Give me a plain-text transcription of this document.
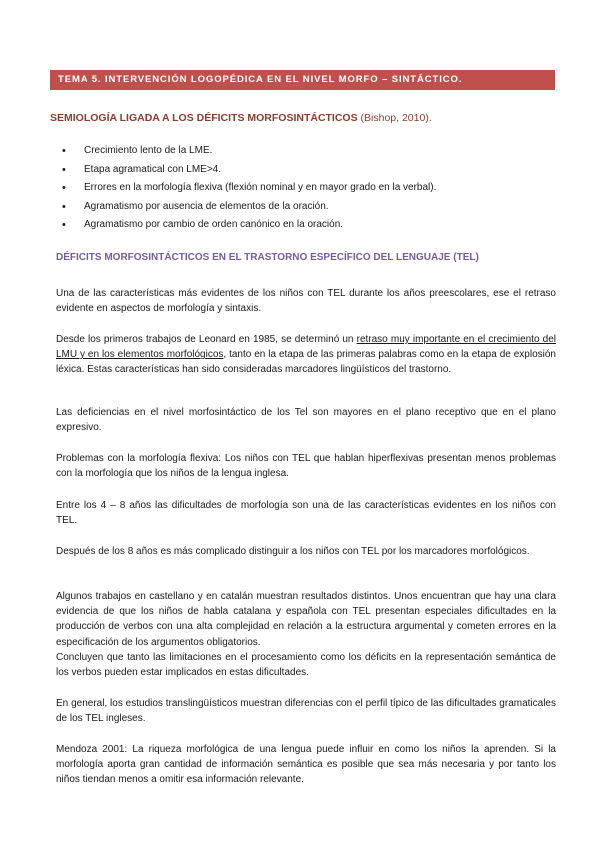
TEMA 5. INTERVENCIÓN LOGOPÉDICA EN EL NIVEL MORFO – SINTÁCTICO.
SEMIOLOGÍA LIGADA A LOS DÉFICITS MORFOSINTÁCTICOS (Bishop, 2010).
• Crecimiento lento de la LME.
• Etapa agramatical con LME>4.
• Errores en la morfología flexiva (flexión nominal y en mayor grado en la verbal).
• Agramatismo por ausencia de elementos de la oración.
• Agramatismo por cambio de orden canónico en la oración.
DÉFICITS MORFOSINTÁCTICOS EN EL TRASTORNO ESPECÍFICO DEL LENGUAJE (TEL)

Una de las características más evidentes de los niños con TEL durante los años preescolares, ese el retraso evidente en aspectos de morfología y sintaxis.

Desde los primeros trabajos de Leonard en 1985, se determinó un retraso muy importante en el crecimiento del LMU y en los elementos morfológicos, tanto en la etapa de las primeras palabras como en la etapa de explosión léxica. Estas características han sido consideradas marcadores lingüísticos del trastorno.

Las deficiencias en el nivel morfosintáctico de los Tel son mayores en el plano receptivo que en el plano expresivo.

Problemas con la morfología flexiva: Los niños con TEL que hablan hiperflexivas presentan menos problemas con la morfología que los niños de la lengua inglesa.

Entre los 4 – 8 años las dificultades de morfología son una de las características evidentes en los niños con TEL.

Después de los 8 años es más complicado distinguir a los niños con TEL por los marcadores morfológicos.

Algunos trabajos en castellano y en catalán muestran resultados distintos. Unos encuentran que hay una clara evidencia de que los niños de habla catalana y española con TEL presentan especiales dificultades en la producción de verbos con una alta complejidad en relación a la estructura argumental y cometen errores en la especificación de los argumentos obligatorios.

Concluyen que tanto las limitaciones en el procesamiento como los déficits en la representación semántica de los verbos pueden estar implicados en estas dificultades.

En general, los estudios translingüísticos muestran diferencias con el perfil típico de las dificultades gramaticales de los TEL ingleses.

Mendoza 2001: La riqueza morfológica de una lengua puede influir en como los niños la aprenden. Si la morfología aporta gran cantidad de información semántica es posible que sea más necesaria y por tanto los niños tiendan menos a omitir esa información relevante.
